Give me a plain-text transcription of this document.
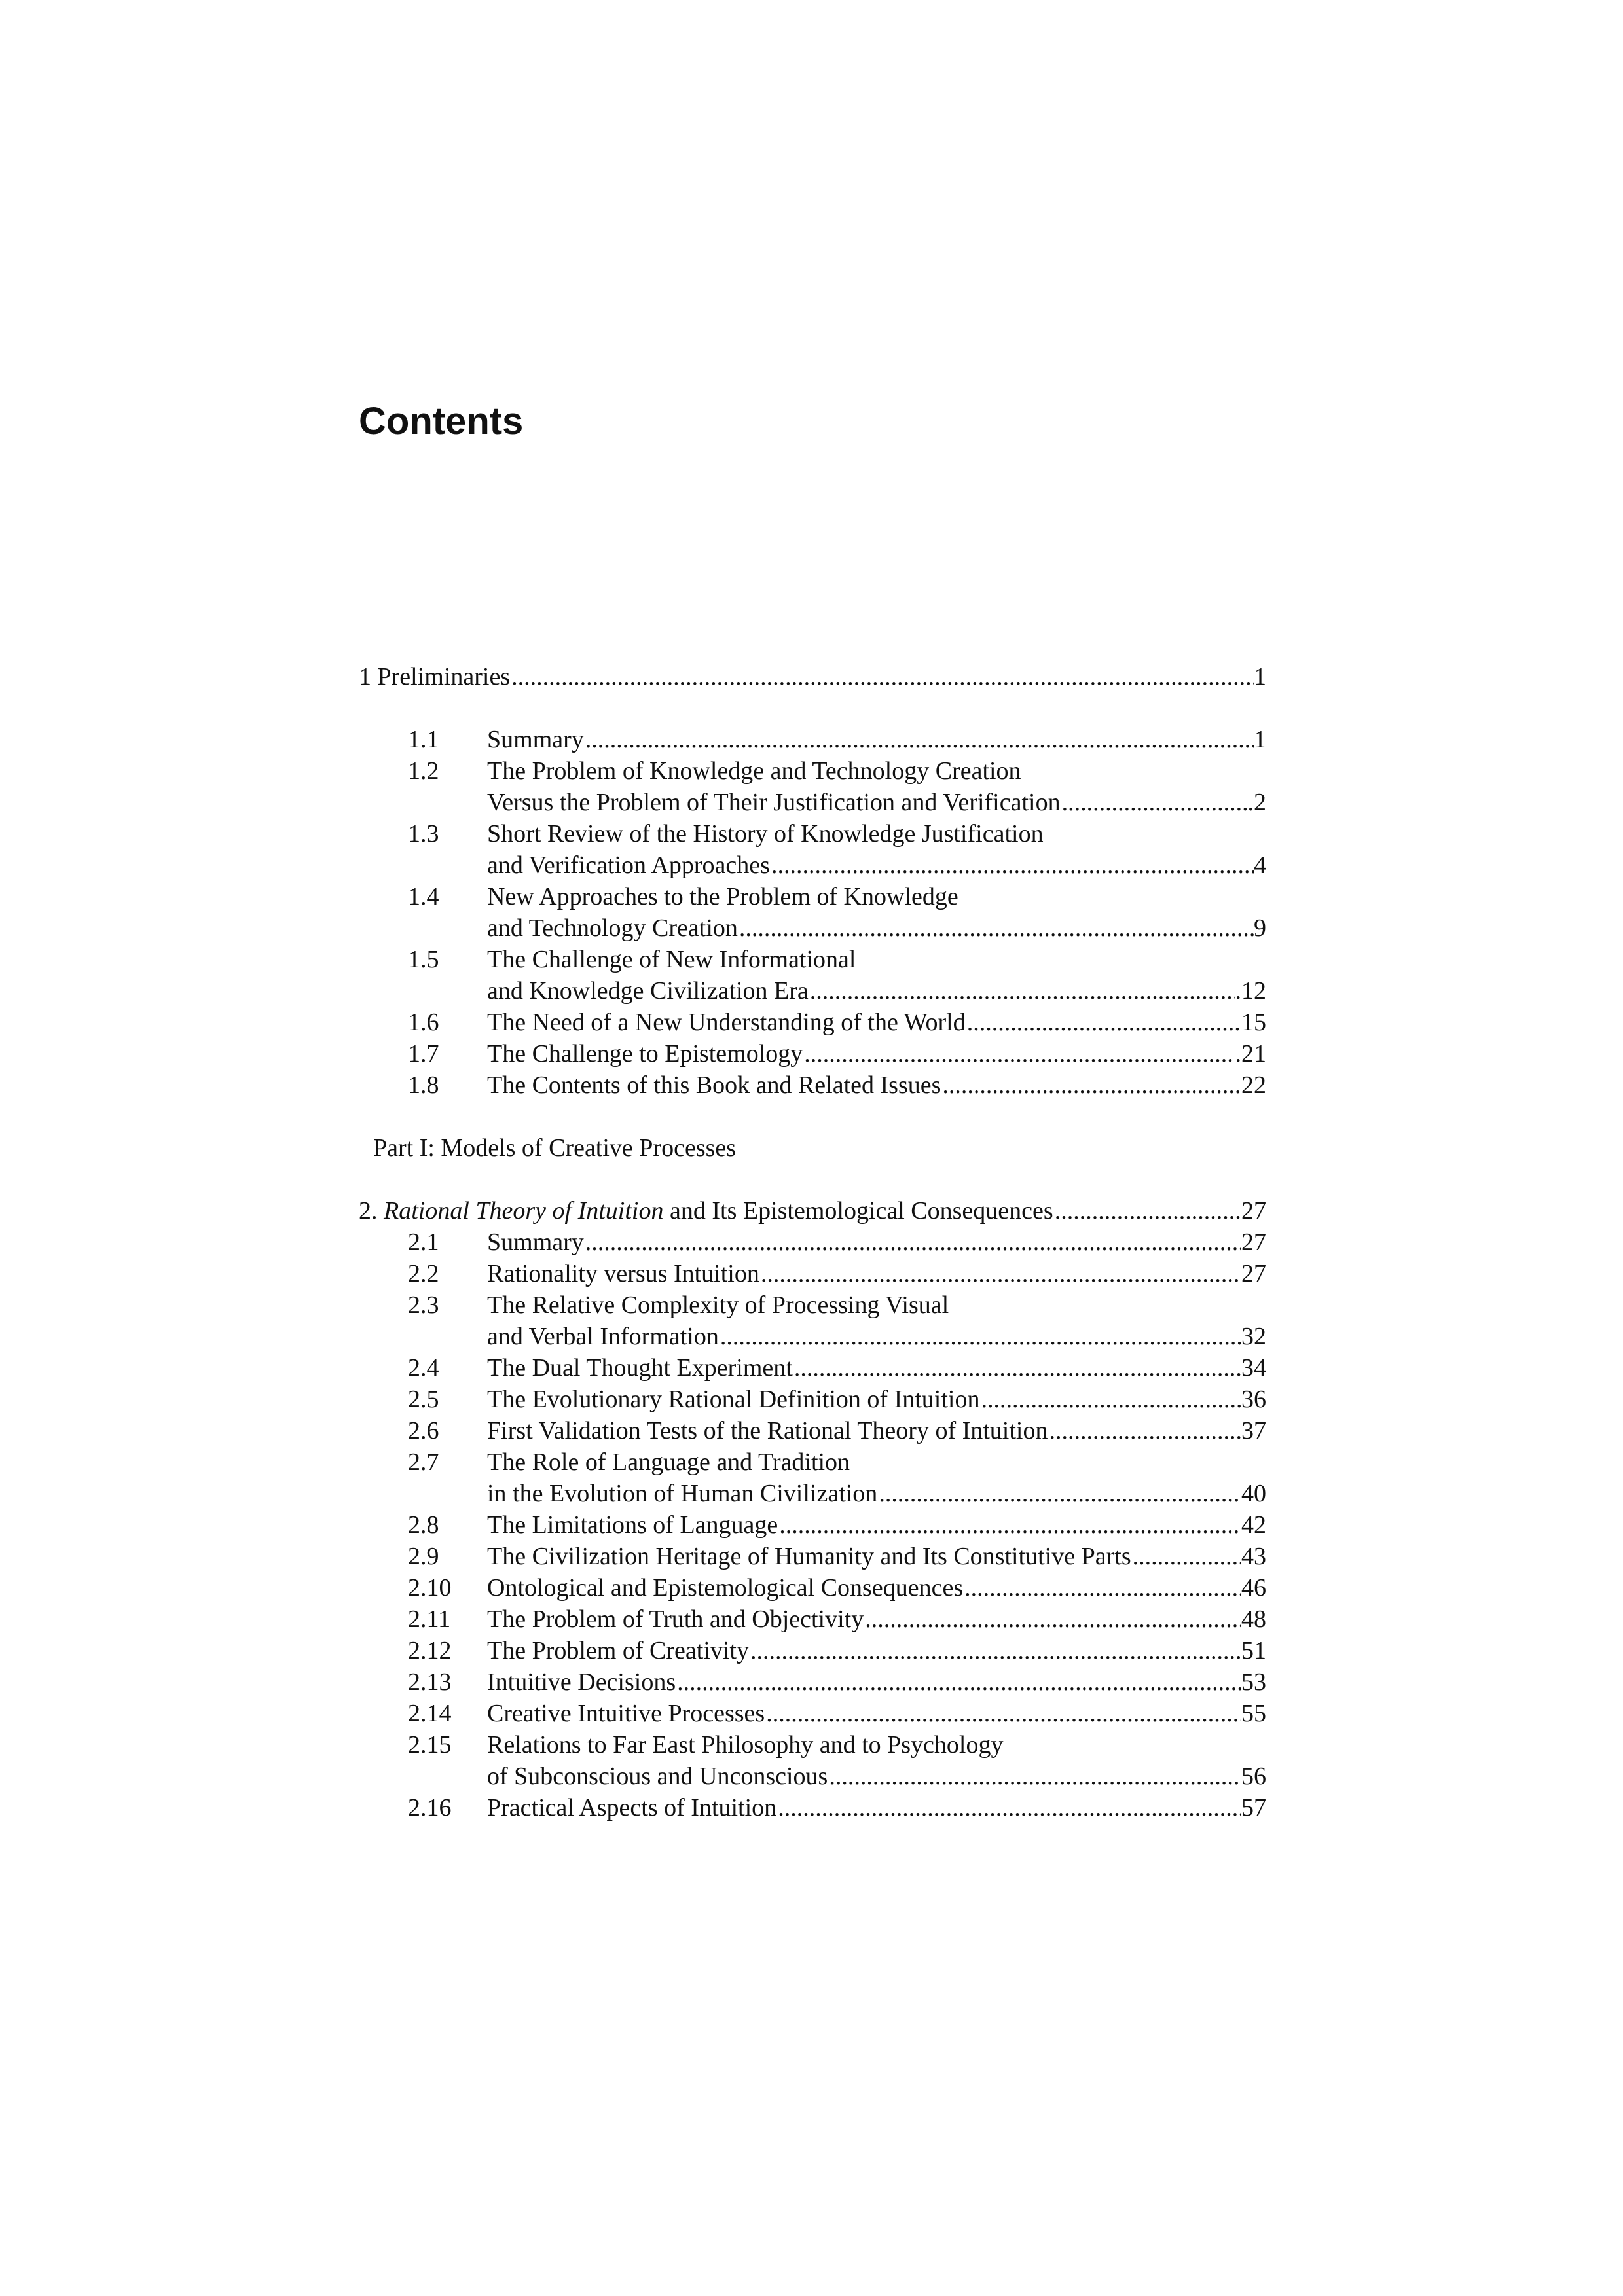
Contents
1 Preliminaries .....	1
1.1 Summary .....	1
1.2 The Problem of Knowledge and Technology Creation
Versus the Problem of Their Justification and Verification .....	.2
1.3 Short Review of the History of Knowledge Justification
and Verification Approaches .....	4
1.4 New Approaches to the Problem of Knowledge
and Technology Creation .....	9
1.5 The Challenge of New Informational
and Knowledge Civilization Era .....	.12
1.6 The Need of a New Understanding of the World .....	15
1.7 The Challenge to Epistemology .....	.21
1.8 The Contents of this Book and Related Issues .....	22
Part I: Models of Creative Processes
2. Rational Theory of Intuition and Its Epistemological Consequences .....	27
2.1 Summary .....	27
2.2 Rationality versus Intuition .....	27
2.3 The Relative Complexity of Processing Visual
and Verbal Information .....	32
2.4 The Dual Thought Experiment .....	34
2.5 The Evolutionary Rational Definition of Intuition .....	36
2.6 First Validation Tests of the Rational Theory of Intuition .....	37
2.7 The Role of Language and Tradition
in the Evolution of Human Civilization .....	40
2.8 The Limitations of Language .....	42
2.9 The Civilization Heritage of Humanity and Its Constitutive Parts .....	43
2.10 Ontological and Epistemological Consequences .....	46
2.11 The Problem of Truth and Objectivity .....	48
2.12 The Problem of Creativity .....	51
2.13 Intuitive Decisions .....	53
2.14 Creative Intuitive Processes .....	55
2.15 Relations to Far East Philosophy and to Psychology
of Subconscious and Unconscious .....	56
2.16 Practical Aspects of Intuition .....	57
